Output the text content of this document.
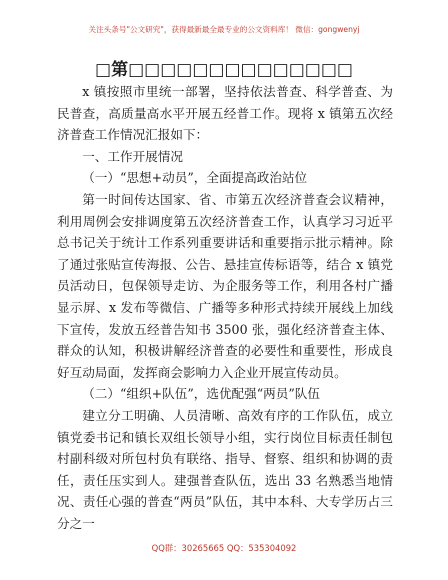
关注头条号"公文研究"，获得最新最全最专业的公文资料库！ 微信：gongwenyj
□第□□□□□□□□□□□□□□

x 镇按照市里统一部署，坚持依法普查、科学普查、为民普查，高质量高水平开展五经普工作。现将 x 镇第五次经济普查工作情况汇报如下：

一、工作开展情况

（一）“思想+动员”，全面提高政治站位

第一时间传达国家、省、市第五次经济普查会议精神，利用周例会安排调度第五次经济普查工作，认真学习习近平总书记关于统计工作系列重要讲话和重要指示批示精神。除了通过张贴宣传海报、公告、悬挂宣传标语等，结合 x 镇党员活动日，包保领导走访、为企服务等工作，利用各村广播显示屏、x 发布等微信、广播等多种形式持续开展线上加线下宣传，发放五经普告知书 3500 张，强化经济普查主体、群众的认知，积极讲解经济普查的必要性和重要性，形成良好互动局面，发挥商会影响力入企业开展宣传动员。

（二）“组织+队伍”，选优配强“两员”队伍

建立分工明确、人员清晰、高效有序的工作队伍，成立镇党委书记和镇长双组长领导小组，实行岗位目标责任制包村副科级对所包村负有联络、指导、督察、组织和协调的责任，责任压实到人。建强普查队伍，选出 33 名熟悉当地情况、责任心强的普查“两员”队伍，其中本科、大专学历占三分之一

QQ群：30265665 QQ：535304092
